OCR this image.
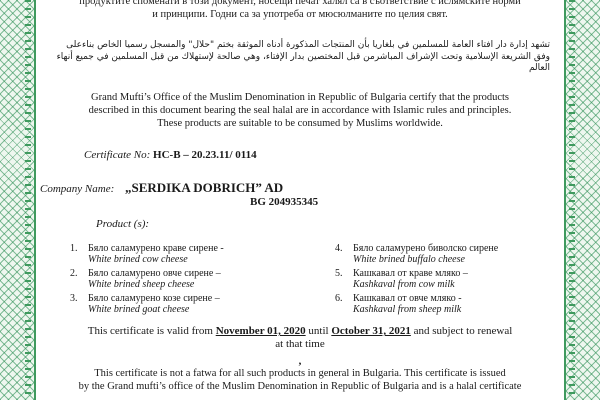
продуктите споменати в този документ, носещи печат халял са в съответствие с ислямските норми
и принципи. Годни са за употреба от мюсюлманите по целия свят.
تشهد إدارة دار افتاء العامة للمسلمين في بلغاريا بأن المنتجات المذكورة أدناه الموثقة بختم "حلال" والمسجل رسميا الخاص بناءعلى
وفق الشريعة الإسلامية وتحت الإشراف المباشرمن قبل المختصين بدار الإفتاء، وهي صالحة لإستهلاك من قبل المسلمين في جميع أنهاء
العالم
Grand Mufti’s Office of the Muslim Denomination in Republic of Bulgaria certify that the products
described in this document bearing the seal halal are in accordance with Islamic rules and principles.
These products are suitable to be consumed by Muslims worldwide.
Certificate No: HC-B – 20.23.11/ 0114
Company Name: „SERDIKA DOBRICH” AD
BG 204935345
Product (s):
1. Бяло саламурено краве сирене -
White brined cow cheese
2. Бяло саламурено овче сирене –
White brined sheep cheese
3. Бяло саламурено козе сирене –
White brined goat cheese
4. Бяло саламурено биволско сирене
White brined buffalo cheese
5. Кашкавал от краве мляко –
Kashkaval from cow milk
6. Кашкавал от овче мляко -
Kashkaval from sheep milk
This certificate is valid from November 01, 2020 until October 31, 2021 and subject to renewal
at that time
,
This certificate is not a fatwa for all such products in general in Bulgaria. This certificate is issued
by the Grand mufti’s office of the Muslim Denomination in Republic of Bulgaria and is a halal certificate
